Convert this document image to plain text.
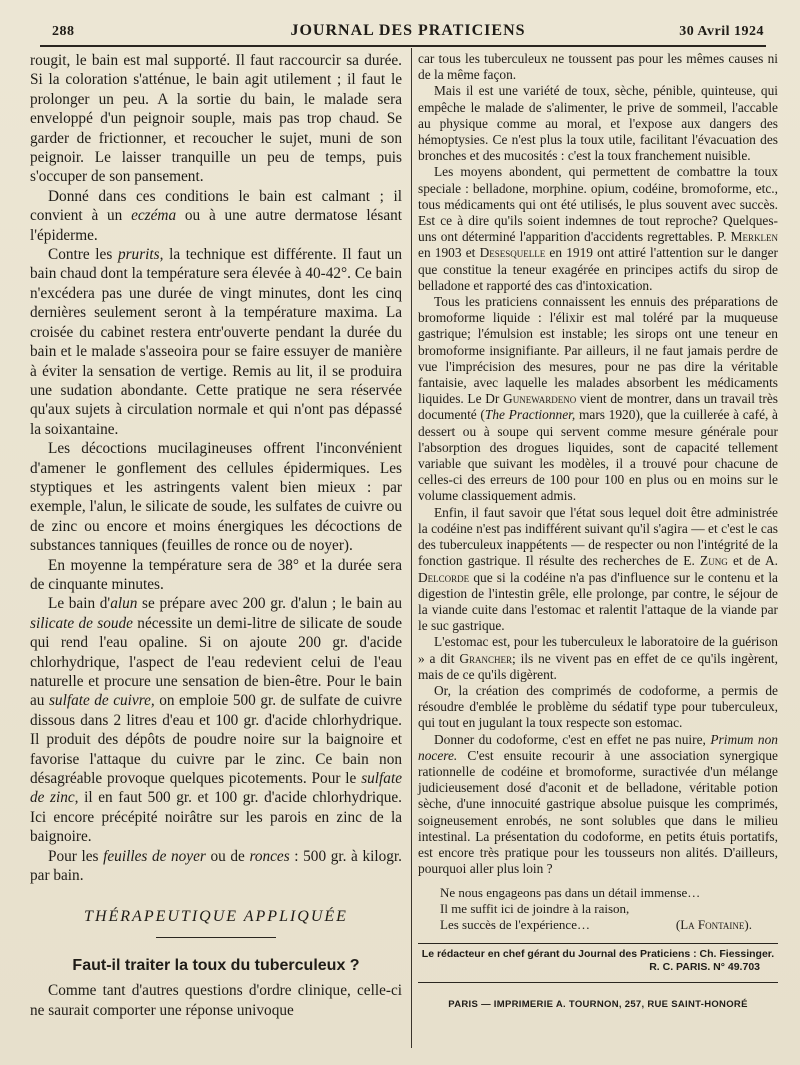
288	JOURNAL DES PRATICIENS	30 Avril 1924

rougit, le bain est mal supporté. Il faut raccourcir sa durée. Si la coloration s'atténue, le bain agit utilement ; il faut le prolonger un peu. A la sortie du bain, le malade sera enveloppé d'un peignoir souple, mais pas trop chaud. Se garder de frictionner, et recoucher le sujet, muni de son peignoir. Le laisser tranquille un peu de temps, puis s'occuper de son pansement.

Donné dans ces conditions le bain est calmant ; il convient à un eczéma ou à une autre dermatose lésant l'épiderme.

Contre les prurits, la technique est différente. Il faut un bain chaud dont la température sera élevée à 40-42°. Ce bain n'excédera pas une durée de vingt minutes, dont les cinq dernières seulement seront à la température maxima. La croisée du cabinet restera entr'ouverte pendant la durée du bain et le malade s'asseoira pour se faire essuyer de manière à éviter la sensation de vertige. Remis au lit, il se produira une sudation abondante. Cette pratique ne sera réservée qu'aux sujets à circulation normale et qui n'ont pas dépassé la soixantaine.

Les décoctions mucilagineuses offrent l'inconvénient d'amener le gonflement des cellules épidermiques. Les styptiques et les astringents valent bien mieux : par exemple, l'alun, le silicate de soude, les sulfates de cuivre ou de zinc ou encore et moins énergiques les décoctions de substances tanniques (feuilles de ronce ou de noyer).

En moyenne la température sera de 38° et la durée sera de cinquante minutes.

Le bain d'alun se prépare avec 200 gr. d'alun ; le bain au silicate de soude nécessite un demi-litre de silicate de soude qui rend l'eau opaline. Si on ajoute 200 gr. d'acide chlorhydrique, l'aspect de l'eau redevient celui de l'eau naturelle et procure une sensation de bien-être. Pour le bain au sulfate de cuivre, on emploie 500 gr. de sulfate de cuivre dissous dans 2 litres d'eau et 100 gr. d'acide chlorhydrique. Il produit des dépôts de poudre noire sur la baignoire et favorise l'attaque du cuivre par le zinc. Ce bain non désagréable provoque quelques picotements. Pour le sulfate de zinc, il en faut 500 gr. et 100 gr. d'acide chlorhydrique. Ici encore précépité noirâtre sur les parois en zinc de la baignoire.

Pour les feuilles de noyer ou de ronces : 500 gr. à kilogr. par bain.

THÉRAPEUTIQUE APPLIQUÉE
Faut-il traiter la toux du tuberculeux ?

Comme tant d'autres questions d'ordre clinique, celle-ci ne saurait comporter une réponse univoque

car tous les tuberculeux ne toussent pas pour les mêmes causes ni de la même façon.

Mais il est une variété de toux, sèche, pénible, quinteuse, qui empêche le malade de s'alimenter, le prive de sommeil, l'accable au physique comme au moral, et l'expose aux dangers des hémoptysies. Ce n'est plus la toux utile, facilitant l'évacuation des bronches et des mucosités : c'est la toux franchement nuisible.

Les moyens abondent, qui permettent de combattre la toux speciale : belladone, morphine. opium, codéine, bromoforme, etc., tous médicaments qui ont été utilisés, le plus souvent avec succès. Est ce à dire qu'ils soient indemnes de tout reproche? Quelques-uns ont déterminé l'apparition d'accidents regrettables. P. Merklen en 1903 et Desesquelle en 1919 ont attiré l'attention sur le danger que constitue la teneur exagérée en principes actifs du sirop de belladone et rapporté des cas d'intoxication.

Tous les praticiens connaissent les ennuis des préparations de bromoforme liquide : l'élixir est mal toléré par la muqueuse gastrique; l'émulsion est instable; les sirops ont une teneur en bromoforme insignifiante. Par ailleurs, il ne faut jamais perdre de vue l'imprécision des mesures, pour ne pas dire la véritable fantaisie, avec laquelle les malades absorbent les médicaments liquides. Le Dr Gunewardeno vient de montrer, dans un travail très documenté (The Practionner, mars 1920), que la cuillerée à café, à dessert ou à soupe qui servent comme mesure générale pour l'absorption des drogues liquides, sont de capacité tellement variable que suivant les modèles, il a trouvé pour chacune de celles-ci des erreurs de 100 pour 100 en plus ou en moins sur le volume classiquement admis.

Enfin, il faut savoir que l'état sous lequel doit être administrée la codéine n'est pas indifférent suivant qu'il s'agira — et c'est le cas des tuberculeux inappétents — de respecter ou non l'intégrité de la fonction gastrique. Il résulte des recherches de E. Zung et de A. Delcorde que si la codéine n'a pas d'influence sur le contenu et la digestion de l'intestin grêle, elle prolonge, par contre, le séjour de la viande cuite dans l'estomac et ralentit l'attaque de la viande par le suc gastrique.

L'estomac est, pour les tuberculeux le laboratoire de la guérison » a dit Grancher; ils ne vivent pas en effet de ce qu'ils ingèrent, mais de ce qu'ils digèrent.

Or, la création des comprimés de codoforme, a permis de résoudre d'emblée le problème du sédatif type pour tuberculeux, qui tout en jugulant la toux respecte son estomac.

Donner du codoforme, c'est en effet ne pas nuire, Primum non nocere. C'est ensuite recourir à une association synergique rationnelle de codéine et bromoforme, suractivée d'un mélange judicieusement dosé d'aconit et de belladone, véritable potion sèche, d'une innocuité gastrique absolue puisque les comprimés, soigneusement enrobés, ne sont solubles que dans le milieu intestinal. La présentation du codoforme, en petits étuis portatifs, est encore très pratique pour les tousseurs non alités. D'ailleurs, pourquoi aller plus loin ?

Ne nous engageons pas dans un détail immense…
Il me suffit ici de joindre à la raison,
Les succès de l'expérience…	(La Fontaine).
Le rédacteur en chef gérant du Journal des Praticiens : Ch. Fiessinger.
R. C. PARIS. N° 49.703
PARIS — IMPRIMERIE A. TOURNON, 257, RUE SAINT-HONORÉ
